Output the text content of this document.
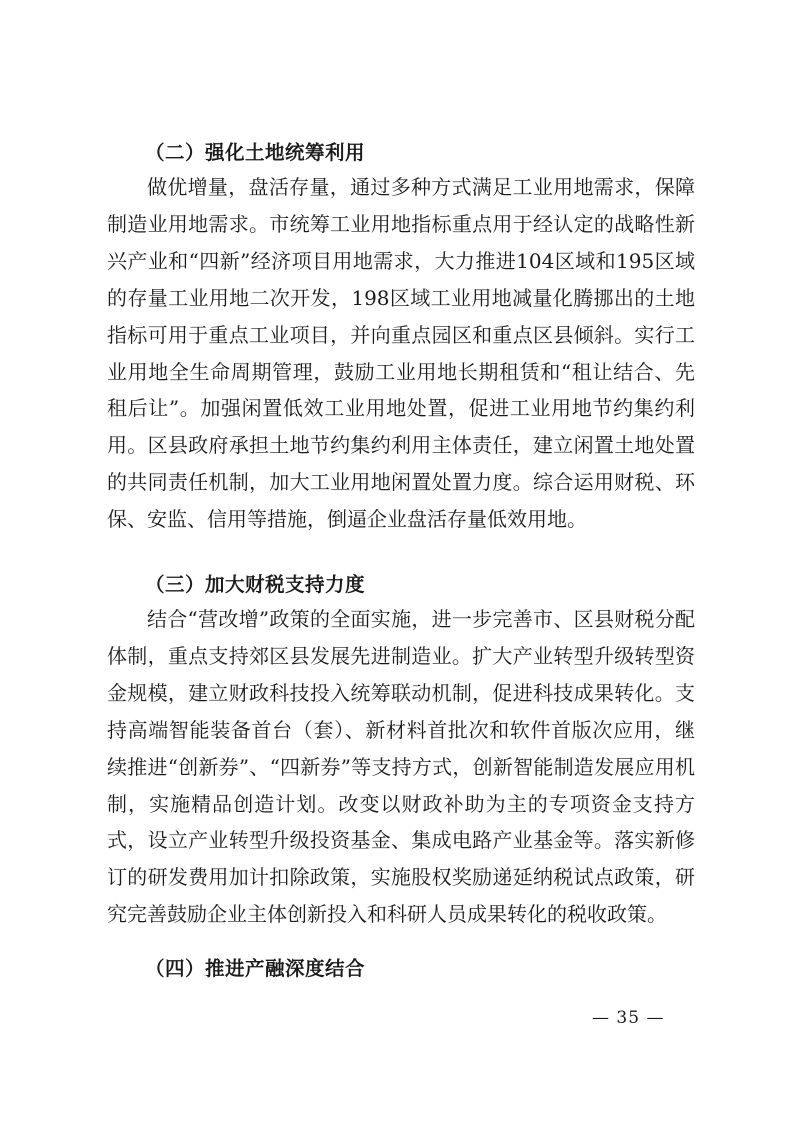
（二）强化土地统筹利用

做优增量，盘活存量，通过多种方式满足工业用地需求，保障制造业用地需求。市统筹工业用地指标重点用于经认定的战略性新兴产业和“四新”经济项目用地需求，大力推进104区域和195区域的存量工业用地二次开发，198区域工业用地减量化腾挪出的土地指标可用于重点工业项目，并向重点园区和重点区县倾斜。实行工业用地全生命周期管理，鼓励工业用地长期租赁和“租让结合、先租后让”。加强闲置低效工业用地处置，促进工业用地节约集约利用。区县政府承担土地节约集约利用主体责任，建立闲置土地处置的共同责任机制，加大工业用地闲置处置力度。综合运用财税、环保、安监、信用等措施，倒逼企业盘活存量低效用地。

（三）加大财税支持力度

结合“营改增”政策的全面实施，进一步完善市、区县财税分配体制，重点支持郊区县发展先进制造业。扩大产业转型升级转型资金规模，建立财政科技投入统筹联动机制，促进科技成果转化。支持高端智能装备首台（套）、新材料首批次和软件首版次应用，继续推进“创新券”、“四新券”等支持方式，创新智能制造发展应用机制，实施精品创造计划。改变以财政补助为主的专项资金支持方式，设立产业转型升级投资基金、集成电路产业基金等。落实新修订的研发费用加计扣除政策，实施股权奖励递延纳税试点政策，研究完善鼓励企业主体创新投入和科研人员成果转化的税收政策。

（四）推进产融深度结合
— 35 —
